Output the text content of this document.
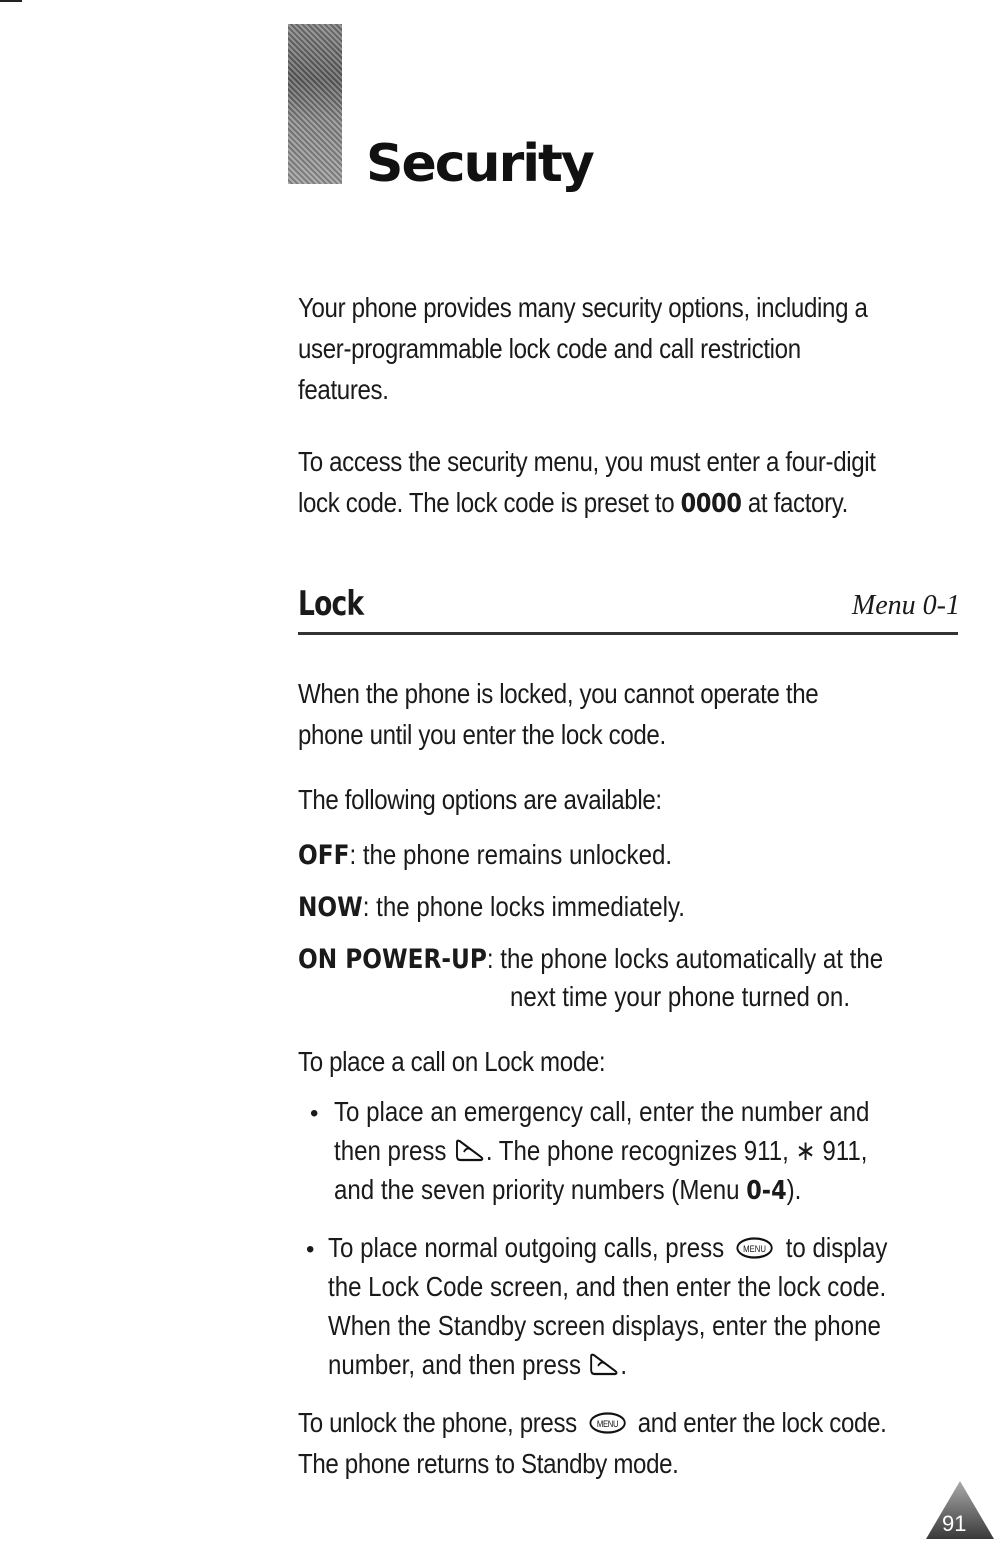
Security

Your phone provides many security options, including a
user-programmable lock code and call restriction
features.

To access the security menu, you must enter a four-digit
lock code. The lock code is preset to 0000 at factory.

Lock	Menu 0-1

When the phone is locked, you cannot operate the
phone until you enter the lock code.

The following options are available:

OFF: the phone remains unlocked.

NOW: the phone locks immediately.

ON POWER-UP: the phone locks automatically at the

next time your phone turned on.

To place a call on Lock mode:

• To place an emergency call, enter the number and
then press . The phone recognizes 911, ∗ 911,
and the seven priority numbers (Menu 0-4).

• To place normal outgoing calls, press MENU to display
the Lock Code screen, and then enter the lock code.
When the Standby screen displays, enter the phone
number, and then press .

To unlock the phone, press MENU and enter the lock code.
The phone returns to Standby mode.

91
